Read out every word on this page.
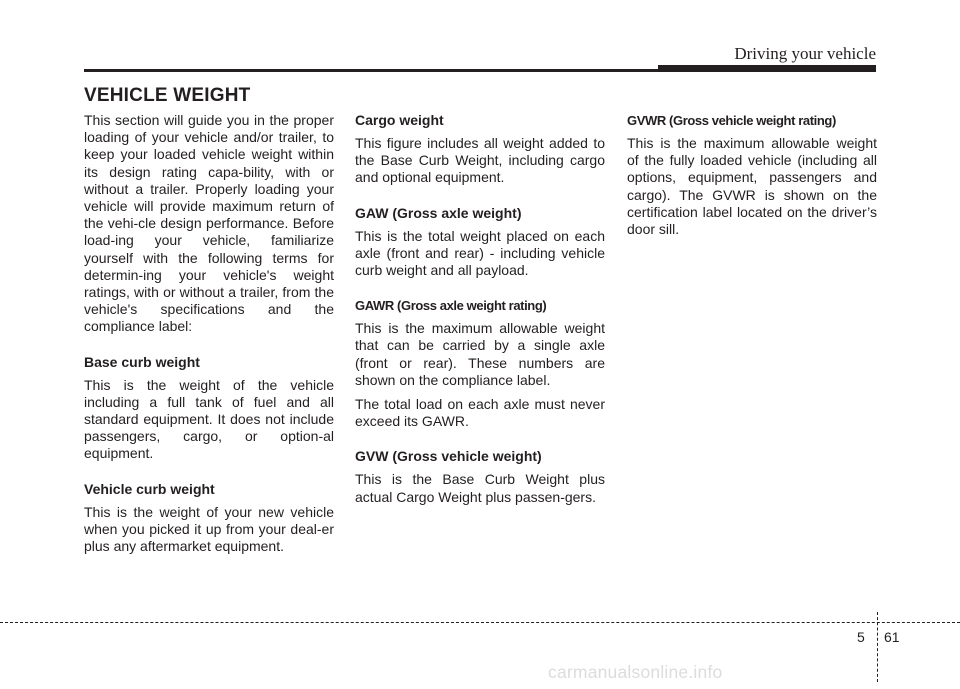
Driving your vehicle
VEHICLE WEIGHT

This section will guide you in the proper loading of your vehicle and/or trailer, to keep your loaded vehicle weight within its design rating capa-bility, with or without a trailer. Properly loading your vehicle will provide maximum return of the vehi-cle design performance. Before load-ing your vehicle, familiarize yourself with the following terms for determin-ing your vehicle's weight ratings, with or without a trailer, from the vehicle's specifications and the compliance label:

Base curb weight

This is the weight of the vehicle including a full tank of fuel and all standard equipment. It does not include passengers, cargo, or option-al equipment.

Vehicle curb weight

This is the weight of your new vehicle when you picked it up from your deal-er plus any aftermarket equipment.

Cargo weight

This figure includes all weight added to the Base Curb Weight, including cargo and optional equipment.

GAW (Gross axle weight)

This is the total weight placed on each axle (front and rear) - including vehicle curb weight and all payload.

GAWR (Gross axle weight rating)

This is the maximum allowable weight that can be carried by a single axle (front or rear). These numbers are shown on the compliance label.

The total load on each axle must never exceed its GAWR.

GVW (Gross vehicle weight)

This is the Base Curb Weight plus actual Cargo Weight plus passen-gers.

GVWR (Gross vehicle weight rating)

This is the maximum allowable weight of the fully loaded vehicle (including all options, equipment, passengers and cargo). The GVWR is shown on the certification label located on the driver’s door sill.

5 61
carmanualsonline.info
